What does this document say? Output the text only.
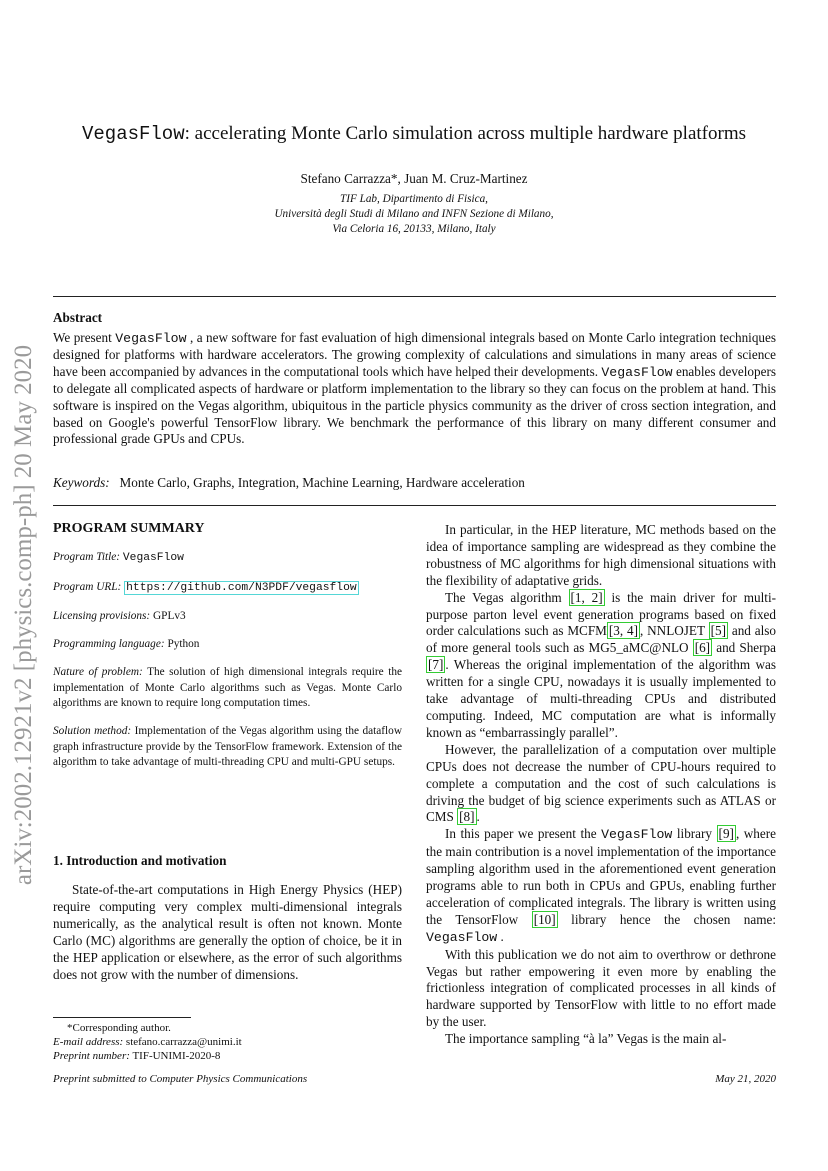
arXiv:2002.12921v2 [physics.comp-ph] 20 May 2020
VegasFlow: accelerating Monte Carlo simulation across multiple hardware platforms
Stefano Carrazza*, Juan M. Cruz-Martinez
TIF Lab, Dipartimento di Fisica,
Università degli Studi di Milano and INFN Sezione di Milano,
Via Celoria 16, 20133, Milano, Italy
Abstract

We present VegasFlow , a new software for fast evaluation of high dimensional integrals based on Monte Carlo integration techniques designed for platforms with hardware accelerators. The growing complexity of calculations and simulations in many areas of science have been accompanied by advances in the computational tools which have helped their developments. VegasFlow enables developers to delegate all complicated aspects of hardware or platform implementation to the library so they can focus on the problem at hand. This software is inspired on the Vegas algorithm, ubiquitous in the particle physics community as the driver of cross section integration, and based on Google's powerful TensorFlow library. We benchmark the performance of this library on many different consumer and professional grade GPUs and CPUs.

Keywords: Monte Carlo, Graphs, Integration, Machine Learning, Hardware acceleration
PROGRAM SUMMARY

Program Title: VegasFlow

Program URL: https://github.com/N3PDF/vegasflow

Licensing provisions: GPLv3

Programming language: Python

Nature of problem: The solution of high dimensional integrals require the implementation of Monte Carlo algorithms such as Vegas. Monte Carlo algorithms are known to require long computation times.

Solution method: Implementation of the Vegas algorithm using the dataflow graph infrastructure provide by the TensorFlow framework. Extension of the algorithm to take advantage of multi-threading CPU and multi-GPU setups.

1. Introduction and motivation
State-of-the-art computations in High Energy Physics (HEP) require computing very complex multi-dimensional integrals numerically, as the analytical result is often not known. Monte Carlo (MC) algorithms are generally the option of choice, be it in the HEP application or elsewhere, as the error of such algorithms does not grow with the number of dimensions.
*Corresponding author.
E-mail address: stefano.carrazza@unimi.it
Preprint number: TIF-UNIMI-2020-8

In particular, in the HEP literature, MC methods based on the idea of importance sampling are widespread as they combine the robustness of MC algorithms for high dimensional situations with the flexibility of adaptative grids.

The Vegas algorithm [1, 2] is the main driver for multi-purpose parton level event generation programs based on fixed order calculations such as MCFM [3, 4] , NNLOJET [5] and also of more general tools such as MG5_aMC@NLO [6] and Sherpa [7] . Whereas the original implementation of the algorithm was written for a single CPU, nowadays it is usually implemented to take advantage of multi-threading CPUs and distributed computing. Indeed, MC computation are what is informally known as “embarrassingly parallel”.

However, the parallelization of a computation over multiple CPUs does not decrease the number of CPU-hours required to complete a computation and the cost of such calculations is driving the budget of big science experiments such as ATLAS or CMS [8] .

In this paper we present the VegasFlow library [9] , where the main contribution is a novel implementation of the importance sampling algorithm used in the aforementioned event generation programs able to run both in CPUs and GPUs, enabling further acceleration of complicated integrals. The library is written using the TensorFlow [10] library hence the chosen name: VegasFlow .

With this publication we do not aim to overthrow or dethrone Vegas but rather empowering it even more by enabling the frictionless integration of complicated processes in all kinds of hardware supported by TensorFlow with little to no effort made by the user.

The importance sampling “à la” Vegas is the main al-

Preprint submitted to Computer Physics Communications	May 21, 2020
